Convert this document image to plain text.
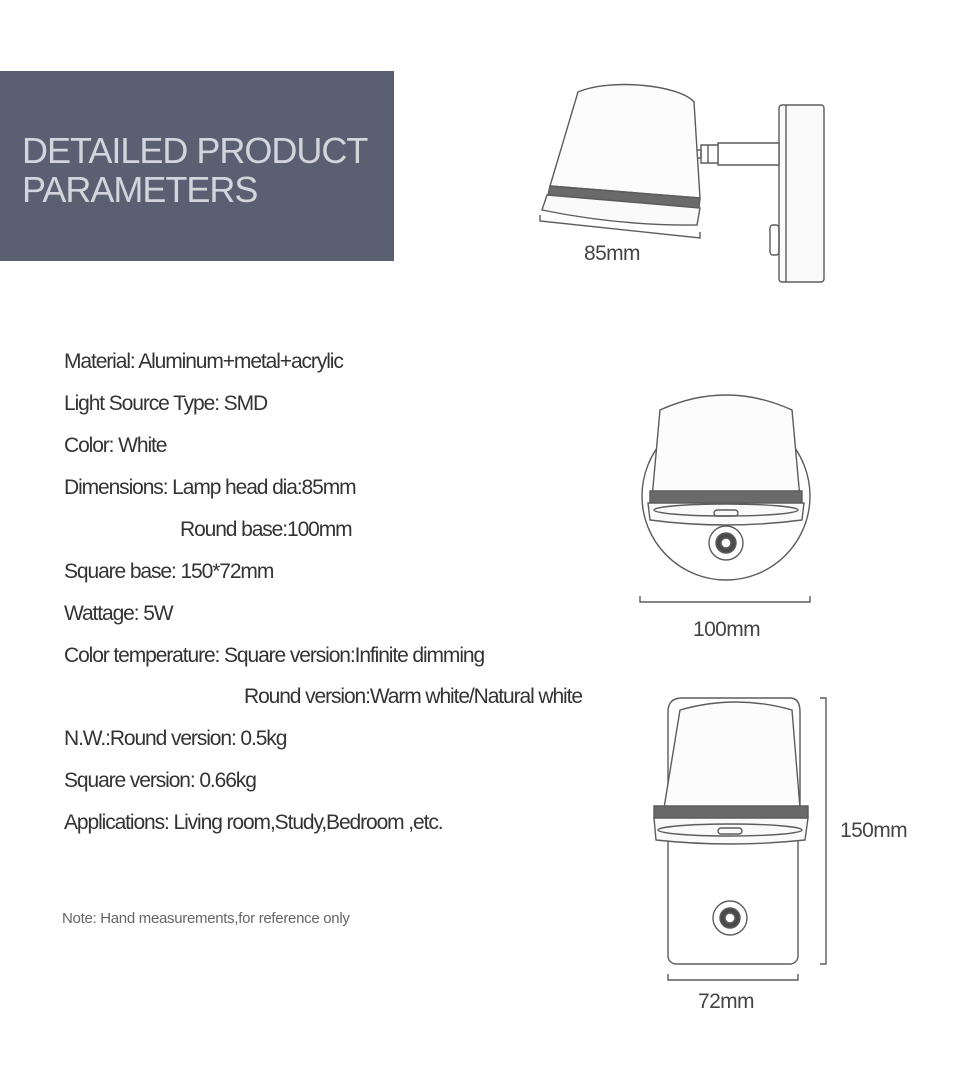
DETAILED PRODUCT
PARAMETERS
Material: Aluminum+metal+acrylic
Light Source Type: SMD
Color: White
Dimensions: Lamp head dia:85mm
Round base:100mm
Square base: 150*72mm
Wattage: 5W
Color temperature: Square version:Infinite dimming
Round version:Warm white/Natural white
N.W.:Round version: 0.5kg
Square version: 0.66kg
Applications: Living room,Study,Bedroom ,etc.
Note: Hand measurements,for reference only
85mm
100mm
150mm
72mm
